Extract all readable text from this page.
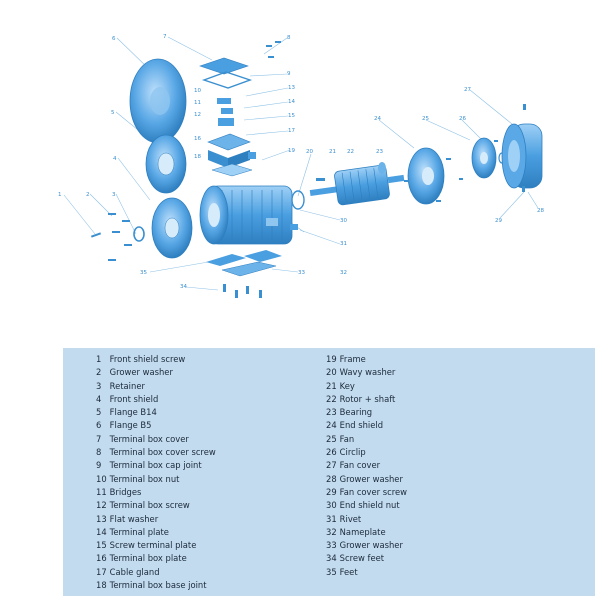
1	2	3
4
5
6	7	8
9
10
11
12
13
14
15
16
17
18
19 20	21 22	23
24	25	26
27
28
29
30
31
32
33
34
35
1 Front shield screw
2 Grower washer
3 Retainer
4 Front shield
5 Flange B14
6 Flange B5
7 Terminal box cover
8 Terminal box cover screw
9 Terminal box cap joint
10 Terminal box nut
11 Bridges
12 Terminal box screw
13 Flat washer
14 Terminal plate
15 Screw terminal plate
16 Terminal box plate
17 Cable gland
18 Terminal box base joint
19 Frame
20 Wavy washer
21 Key
22 Rotor + shaft
23 Bearing
24 End shield
25 Fan
26 Circlip
27 Fan cover
28 Grower washer
29 Fan cover screw
30 End shield nut
31 Rivet
32 Nameplate
33 Grower washer
34 Screw feet
35 Feet
